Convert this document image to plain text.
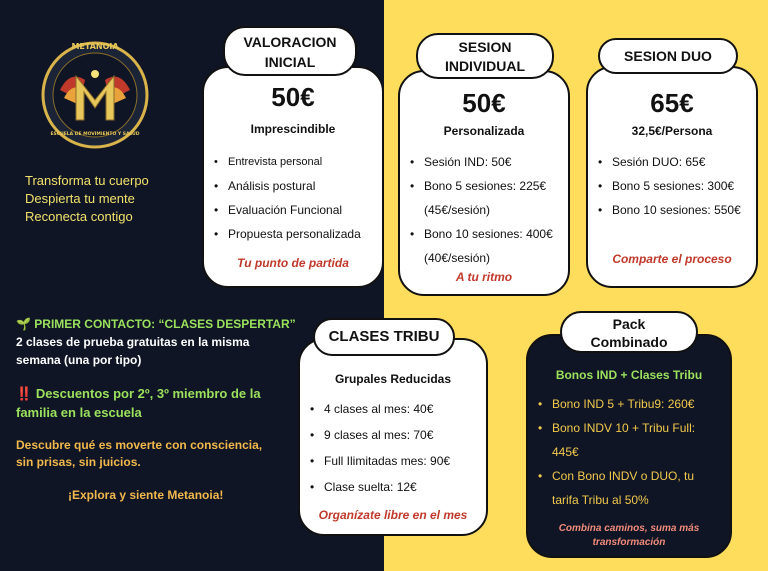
METANOIA
ESCUELA DE MOVIMIENTO Y SALUD
Transforma tu cuerpo
Despierta tu mente
Reconecta contigo
50€
Imprescindible
• Entrevista personal
• Análisis postural
• Evaluación Funcional
• Propuesta personalizada
Tu punto de partida
VALORACION
INICIAL
50€
Personalizada
• Sesión IND: 50€
• Bono 5 sesiones: 225€
(45€/sesión)
• Bono 10 sesiones: 400€
(40€/sesión)
A tu ritmo
SESION
INDIVIDUAL
65€
32,5€/Persona
• Sesión DUO: 65€
• Bono 5 sesiones: 300€
• Bono 10 sesiones: 550€
Comparte el proceso
SESION DUO
🌱 PRIMER CONTACTO: “CLASES DESPERTAR”
2 clases de prueba gratuitas en la misma
semana (una por tipo)
‼️ Descuentos por 2º, 3º miembro de la
familia en la escuela
Descubre qué es moverte con consciencia,
sin prisas, sin juicios.
¡Explora y siente Metanoia!
Grupales Reducidas
• 4 clases al mes: 40€
• 9 clases al mes: 70€
• Full Ilimitadas mes: 90€
• Clase suelta: 12€
Organízate libre en el mes
CLASES TRIBU
Bonos IND + Clases Tribu
• Bono IND 5 + Tribu9: 260€
• Bono INDV 10 + Tribu Full:
445€
• Con Bono INDV o DUO, tu
tarifa Tribu al 50%
Combina caminos, suma más
transformación
Pack
Combinado
